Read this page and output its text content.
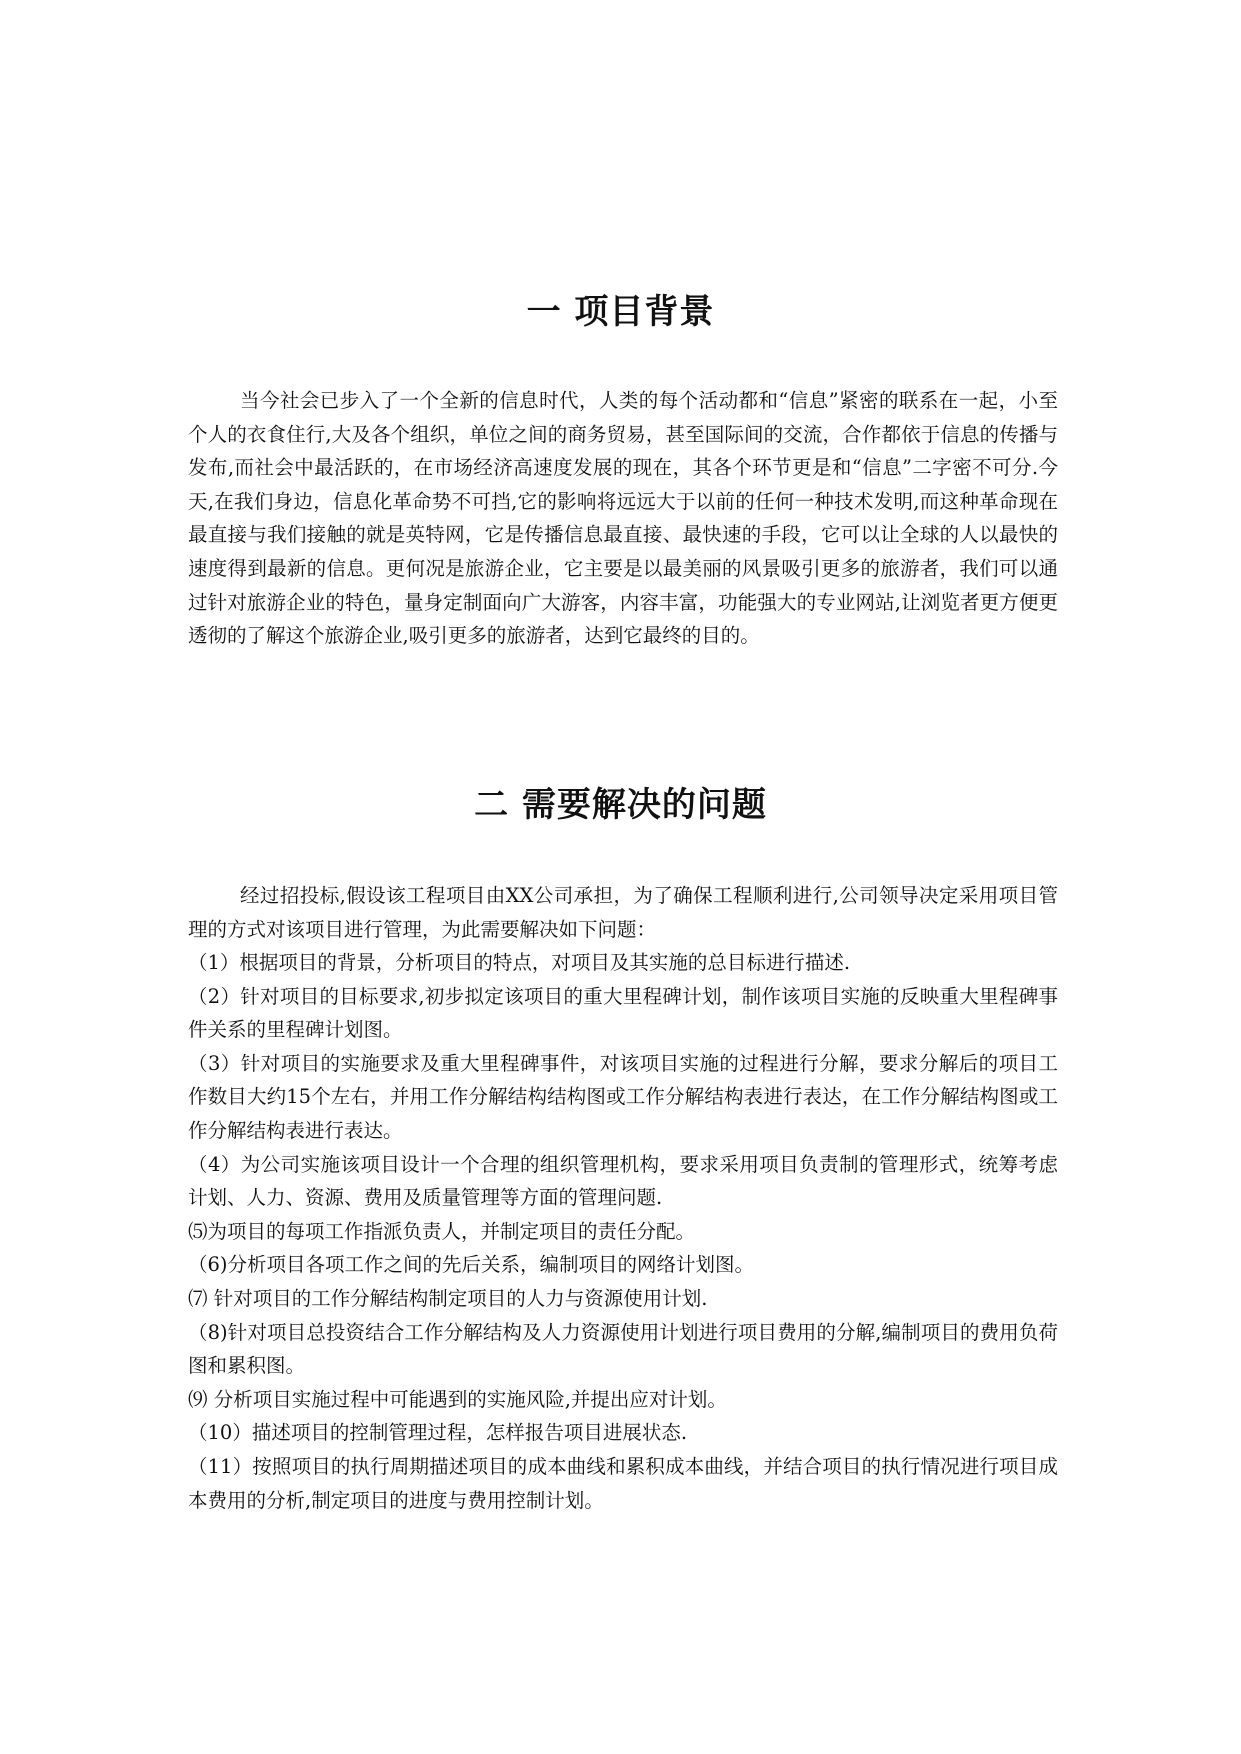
一 项目背景

当今社会已步入了一个全新的信息时代，人类的每个活动都和“信息”紧密的联系在一起，小至个人的衣食住行,大及各个组织，单位之间的商务贸易，甚至国际间的交流，合作都依于信息的传播与发布,而社会中最活跃的，在市场经济高速度发展的现在，其各个环节更是和“信息”二字密不可分.今天,在我们身边，信息化革命势不可挡,它的影响将远远大于以前的任何一种技术发明,而这种革命现在最直接与我们接触的就是英特网，它是传播信息最直接、最快速的手段，它可以让全球的人以最快的速度得到最新的信息。更何况是旅游企业，它主要是以最美丽的风景吸引更多的旅游者，我们可以通过针对旅游企业的特色，量身定制面向广大游客，内容丰富，功能强大的专业网站,让浏览者更方便更透彻的了解这个旅游企业,吸引更多的旅游者，达到它最终的目的。

二 需要解决的问题

经过招投标,假设该工程项目由XX公司承担，为了确保工程顺利进行,公司领导决定采用项目管理的方式对该项目进行管理，为此需要解决如下问题：

（1）根据项目的背景，分析项目的特点，对项目及其实施的总目标进行描述.
（2）针对项目的目标要求,初步拟定该项目的重大里程碑计划，制作该项目实施的反映重大里程碑事件关系的里程碑计划图。
（3）针对项目的实施要求及重大里程碑事件，对该项目实施的过程进行分解，要求分解后的项目工作数目大约15个左右，并用工作分解结构结构图或工作分解结构表进行表达，在工作分解结构图或工作分解结构表进行表达。
（4）为公司实施该项目设计一个合理的组织管理机构，要求采用项目负责制的管理形式，统筹考虑计划、人力、资源、费用及质量管理等方面的管理问题.
⑸为项目的每项工作指派负责人，并制定项目的责任分配。
（6)分析项目各项工作之间的先后关系，编制项目的网络计划图。
⑺ 针对项目的工作分解结构制定项目的人力与资源使用计划.
（8)针对项目总投资结合工作分解结构及人力资源使用计划进行项目费用的分解,编制项目的费用负荷图和累积图。
⑼ 分析项目实施过程中可能遇到的实施风险,并提出应对计划。
（10）描述项目的控制管理过程，怎样报告项目进展状态.
（11）按照项目的执行周期描述项目的成本曲线和累积成本曲线，并结合项目的执行情况进行项目成本费用的分析,制定项目的进度与费用控制计划。
